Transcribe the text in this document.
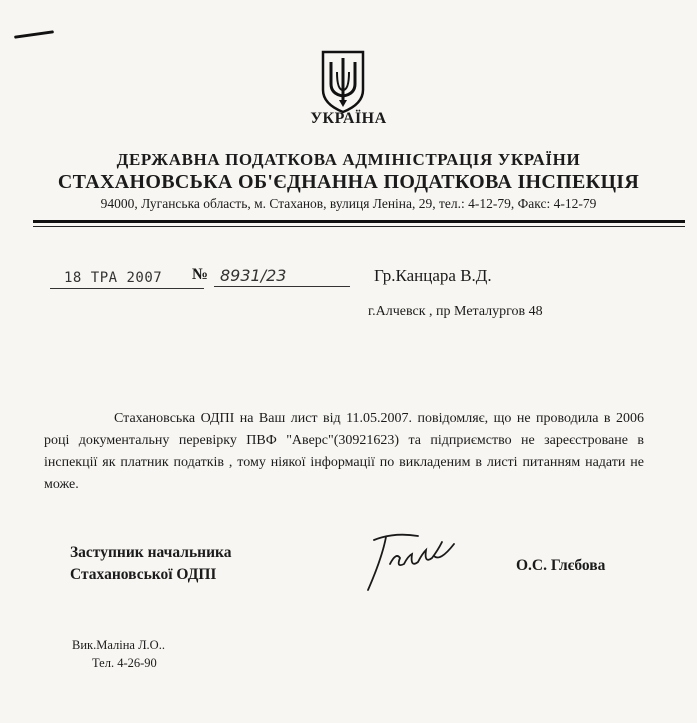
УКРАЇНА
ДЕРЖАВНА ПОДАТКОВА АДМІНІСТРАЦІЯ УКРАЇНИ
СТАХАНОВСЬКА ОБ'ЄДНАННА ПОДАТКОВА ІНСПЕКЦІЯ
94000, Луганська область, м. Стаханов, вулиця Леніна, 29, тел.: 4-12-79, Факс: 4-12-79
18 ТРА 2007	№ 8931/23	Гр.Канцара В.Д.
г.Алчевск , пр Металургов 48
Стахановська ОДПІ на Ваш лист від 11.05.2007. повідомляє, що не проводила в 2006 році документальну перевірку ПВФ "Аверс"(30921623) та підприємство не зареєстроване в інспекції як платник податків , тому ніякої інформації по викладеним в листі питанням надати не може.
Заступник начальника
Стахановської ОДПІ
О.С. Глєбова
Вик.Маліна Л.О..
Тел. 4-26-90
